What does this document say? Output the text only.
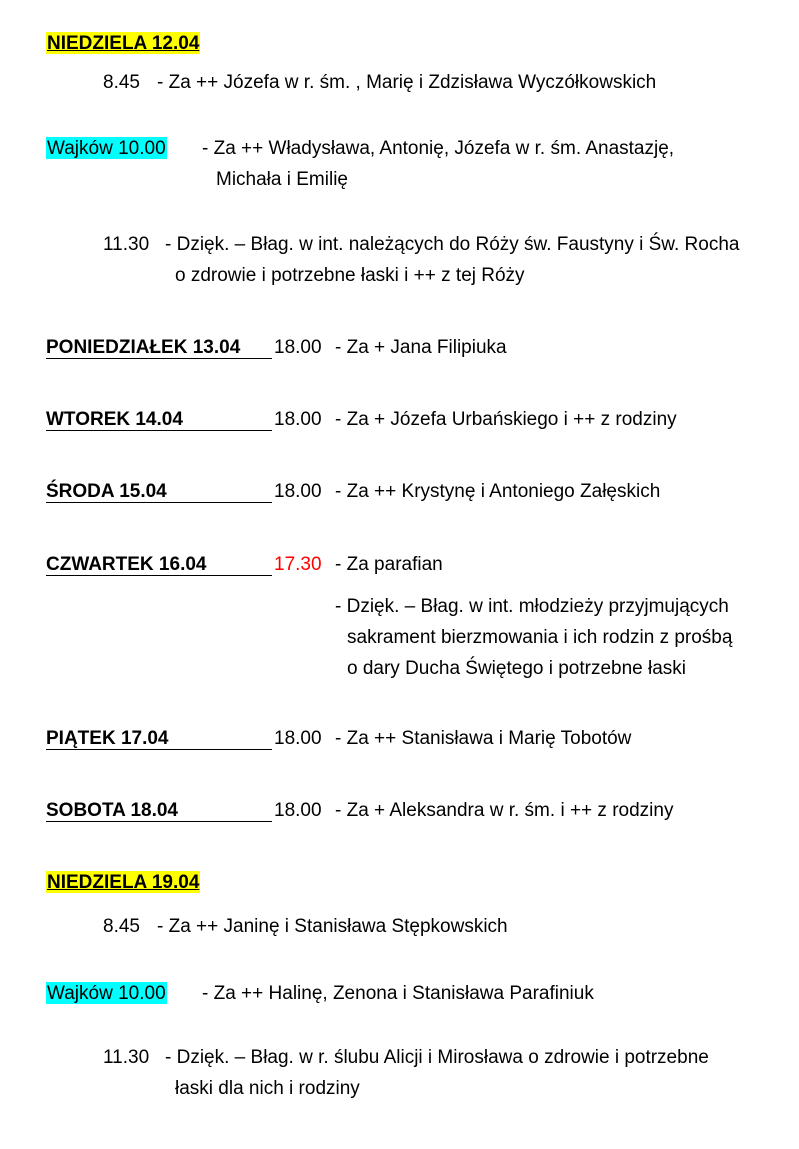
NIEDZIELA 12.04
8.45 - Za ++ Józefa w r. śm. , Marię i Zdzisława Wyczółkowskich
Wajków 10.00 - Za ++ Władysława, Antonię, Józefa w r. śm. Anastazję,
Michała i Emilię
11.30 - Dzięk. – Błag. w int. należących do Róży św. Faustyny i Św. Rocha
o zdrowie i potrzebne łaski i ++ z tej Róży
PONIEDZIAŁEK 13.04 18.00 - Za + Jana Filipiuka
WTOREK 14.04	18.00 - Za + Józefa Urbańskiego i ++ z rodziny
ŚRODA 15.04	18.00 - Za ++ Krystynę i Antoniego Załęskich
CZWARTEK 16.04	17.30 - Za parafian
- Dzięk. – Błag. w int. młodzieży przyjmujących
sakrament bierzmowania i ich rodzin z prośbą
o dary Ducha Świętego i potrzebne łaski
PIĄTEK 17.04	18.00 - Za ++ Stanisława i Marię Tobotów
SOBOTA 18.04	18.00 - Za + Aleksandra w r. śm. i ++ z rodziny
NIEDZIELA 19.04
8.45 - Za ++ Janinę i Stanisława Stępkowskich
Wajków 10.00 - Za ++ Halinę, Zenona i Stanisława Parafiniuk
11.30 - Dzięk. – Błag. w r. ślubu Alicji i Mirosława o zdrowie i potrzebne
łaski dla nich i rodziny
